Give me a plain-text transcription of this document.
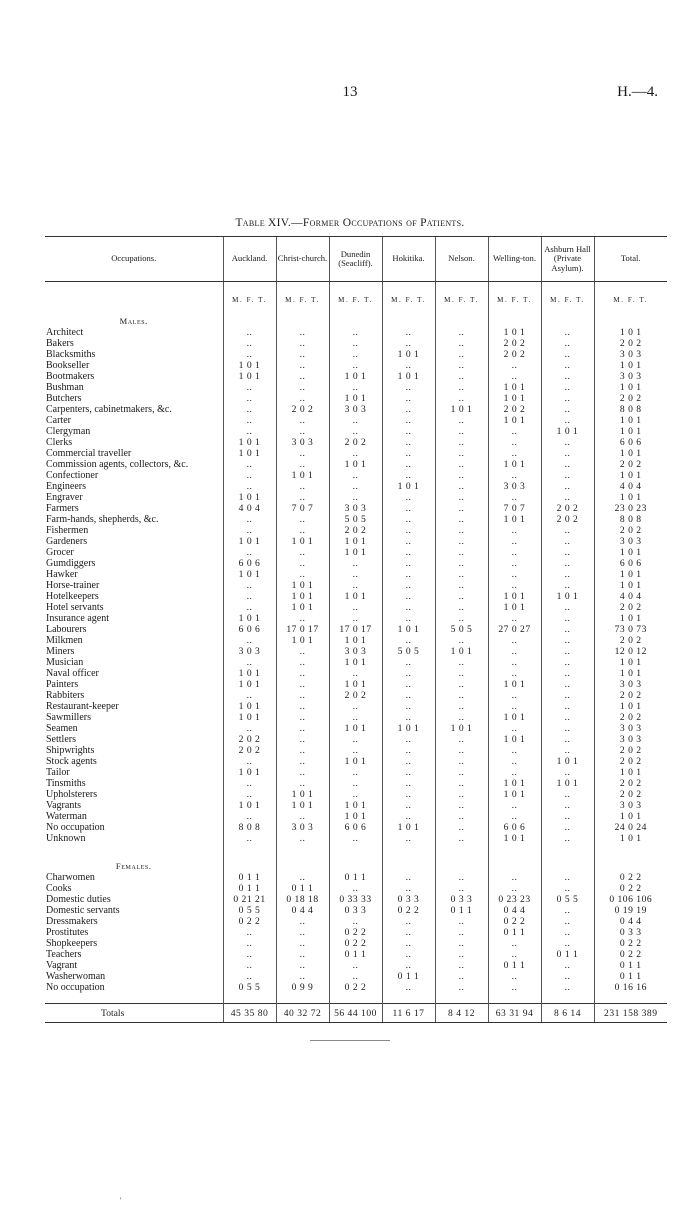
13	H.—4.
Table XIV.—Former Occupations of Patients.
Occupations.	Auckland.	Christ-church.	Dunedin (Seacliff).	Hokitika.	Nelson.	Welling-ton.	Ashburn Hall (Private Asylum).	Total.
	M. F. T.	M. F. T.	M. F. T.	M. F. T.	M. F. T.	M. F. T.	M. F. T.	M. F. T.
Males.								
Architect	..	..	..	..	..	1 0 1	..	1 0 1
Bakers	..	..	..	..	..	2 0 2	..	2 0 2
Blacksmiths	..	..	..	1 0 1	..	2 0 2	..	3 0 3
Bookseller	1 0 1	..	..	..	..	..	..	1 0 1
Bootmakers	1 0 1	..	1 0 1	1 0 1	..	..	..	3 0 3
Bushman	..	..	..	..	..	1 0 1	..	1 0 1
Butchers	..	..	1 0 1	..	..	1 0 1	..	2 0 2
Carpenters, cabinetmakers, &c.	..	2 0 2	3 0 3	..	1 0 1	2 0 2	..	8 0 8
Carter	..	..	..	..	..	1 0 1	..	1 0 1
Clergyman	..	..	..	..	..	..	1 0 1	1 0 1
Clerks	1 0 1	3 0 3	2 0 2	..	..	..	..	6 0 6
Commercial traveller	1 0 1	..	..	..	..	..	..	1 0 1
Commission agents, collectors, &c.	..	..	1 0 1	..	..	1 0 1	..	2 0 2
Confectioner	..	1 0 1	..	..	..	..	..	1 0 1
Engineers	..	..	..	1 0 1	..	3 0 3	..	4 0 4
Engraver	1 0 1	..	..	..	..	..	..	1 0 1
Farmers	4 0 4	7 0 7	3 0 3	..	..	7 0 7	2 0 2	23 0 23
Farm-hands, shepherds, &c.	..	..	5 0 5	..	..	1 0 1	2 0 2	8 0 8
Fishermen	..	..	2 0 2	..	..	..	..	2 0 2
Gardeners	1 0 1	1 0 1	1 0 1	..	..	..	..	3 0 3
Grocer	..	..	1 0 1	..	..	..	..	1 0 1
Gumdiggers	6 0 6	..	..	..	..	..	..	6 0 6
Hawker	1 0 1	..	..	..	..	..	..	1 0 1
Horse-trainer	..	1 0 1	..	..	..	..	..	1 0 1
Hotelkeepers	..	1 0 1	1 0 1	..	..	1 0 1	1 0 1	4 0 4
Hotel servants	..	1 0 1	..	..	..	1 0 1	..	2 0 2
Insurance agent	1 0 1	..	..	..	..	..	..	1 0 1
Labourers	6 0 6	17 0 17	17 0 17	1 0 1	5 0 5	27 0 27	..	73 0 73
Milkmen	..	1 0 1	1 0 1	..	..	..	..	2 0 2
Miners	3 0 3	..	3 0 3	5 0 5	1 0 1	..	..	12 0 12
Musician	..	..	1 0 1	..	..	..	..	1 0 1
Naval officer	1 0 1	..	..	..	..	..	..	1 0 1
Painters	1 0 1	..	1 0 1	..	..	1 0 1	..	3 0 3
Rabbiters	..	..	2 0 2	..	..	..	..	2 0 2
Restaurant-keeper	1 0 1	..	..	..	..	..	..	1 0 1
Sawmillers	1 0 1	..	..	..	..	1 0 1	..	2 0 2
Seamen	..	..	1 0 1	1 0 1	1 0 1	..	..	3 0 3
Settlers	2 0 2	..	..	..	..	1 0 1	..	3 0 3
Shipwrights	2 0 2	..	..	..	..	..	..	2 0 2
Stock agents	..	..	1 0 1	..	..	..	1 0 1	2 0 2
Tailor	1 0 1	..	..	..	..	..	..	1 0 1
Tinsmiths	..	..	..	..	..	1 0 1	1 0 1	2 0 2
Upholsterers	..	1 0 1	..	..	..	1 0 1	..	2 0 2
Vagrants	1 0 1	1 0 1	1 0 1	..	..	..	..	3 0 3
Waterman	..	..	1 0 1	..	..	..	..	1 0 1
No occupation	8 0 8	3 0 3	6 0 6	1 0 1	..	6 0 6	..	24 0 24
Unknown	..	..	..	..	..	1 0 1	..	1 0 1

Females.								
Charwomen	0 1 1	..	0 1 1	..	..	..	..	0 2 2
Cooks	0 1 1	0 1 1	..	..	..	..	..	0 2 2
Domestic duties	0 21 21	0 18 18	0 33 33	0 3 3	0 3 3	0 23 23	0 5 5	0 106 106
Domestic servants	0 5 5	0 4 4	0 3 3	0 2 2	0 1 1	0 4 4	..	0 19 19
Dressmakers	0 2 2	..	..	..	..	0 2 2	..	0 4 4
Prostitutes	..	..	0 2 2	..	..	0 1 1	..	0 3 3
Shopkeepers	..	..	0 2 2	..	..	..	..	0 2 2
Teachers	..	..	0 1 1	..	..	..	0 1 1	0 2 2
Vagrant	..	..	..	..	..	0 1 1	..	0 1 1
Washerwoman	..	..	..	0 1 1	..	..	..	0 1 1
No occupation	0 5 5	0 9 9	0 2 2	..	..	..	..	0 16 16

Totals	45 35 80	40 32 72	56 44 100	11 6 17	8 4 12	63 31 94	8 6 14	231 158 389
'
